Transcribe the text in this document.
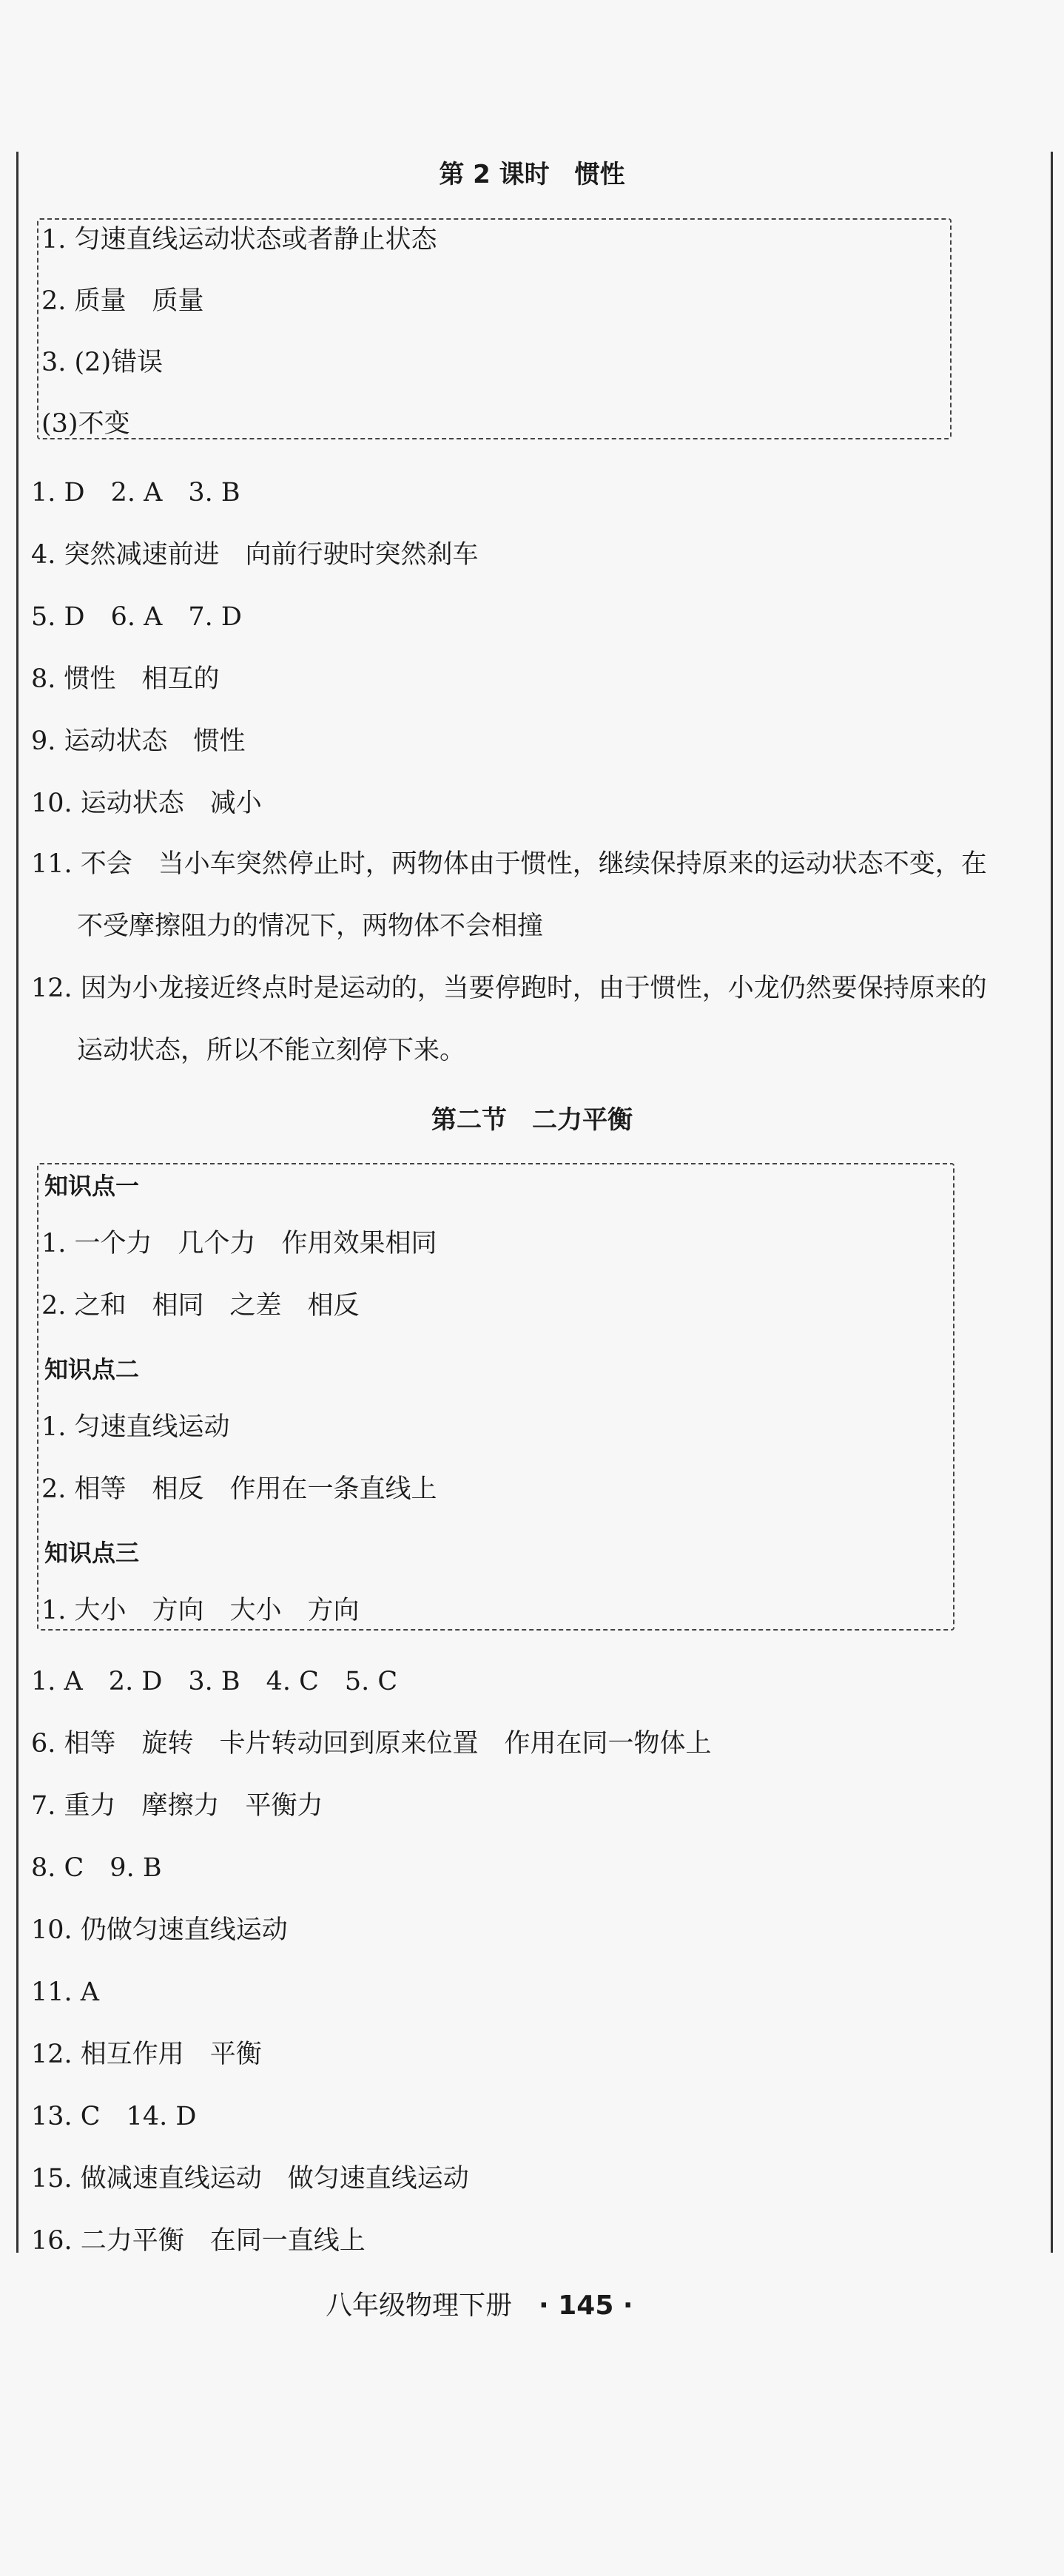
第 2 课时　惯性
1. 匀速直线运动状态或者静止状态
2. 质量　质量
3. (2)错误
(3)不变
1. D　2. A　3. B
4. 突然减速前进　向前行驶时突然刹车
5. D　6. A　7. D
8. 惯性　相互的
9. 运动状态　惯性
10. 运动状态　减小
11. 不会　当小车突然停止时，两物体由于惯性，继续保持原来的运动状态不变，在
不受摩擦阻力的情况下，两物体不会相撞
12. 因为小龙接近终点时是运动的，当要停跑时，由于惯性，小龙仍然要保持原来的
运动状态，所以不能立刻停下来。
第二节　二力平衡
知识点一
1. 一个力　几个力　作用效果相同
2. 之和　相同　之差　相反
知识点二
1. 匀速直线运动
2. 相等　相反　作用在一条直线上
知识点三
1. 大小　方向　大小　方向
1. A　2. D　3. B　4. C　5. C
6. 相等　旋转　卡片转动回到原来位置　作用在同一物体上
7. 重力　摩擦力　平衡力
8. C　9. B
10. 仍做匀速直线运动
11. A
12. 相互作用　平衡
13. C　14. D
15. 做减速直线运动　做匀速直线运动
16. 二力平衡　在同一直线上
八年级物理下册 · 145 ·
